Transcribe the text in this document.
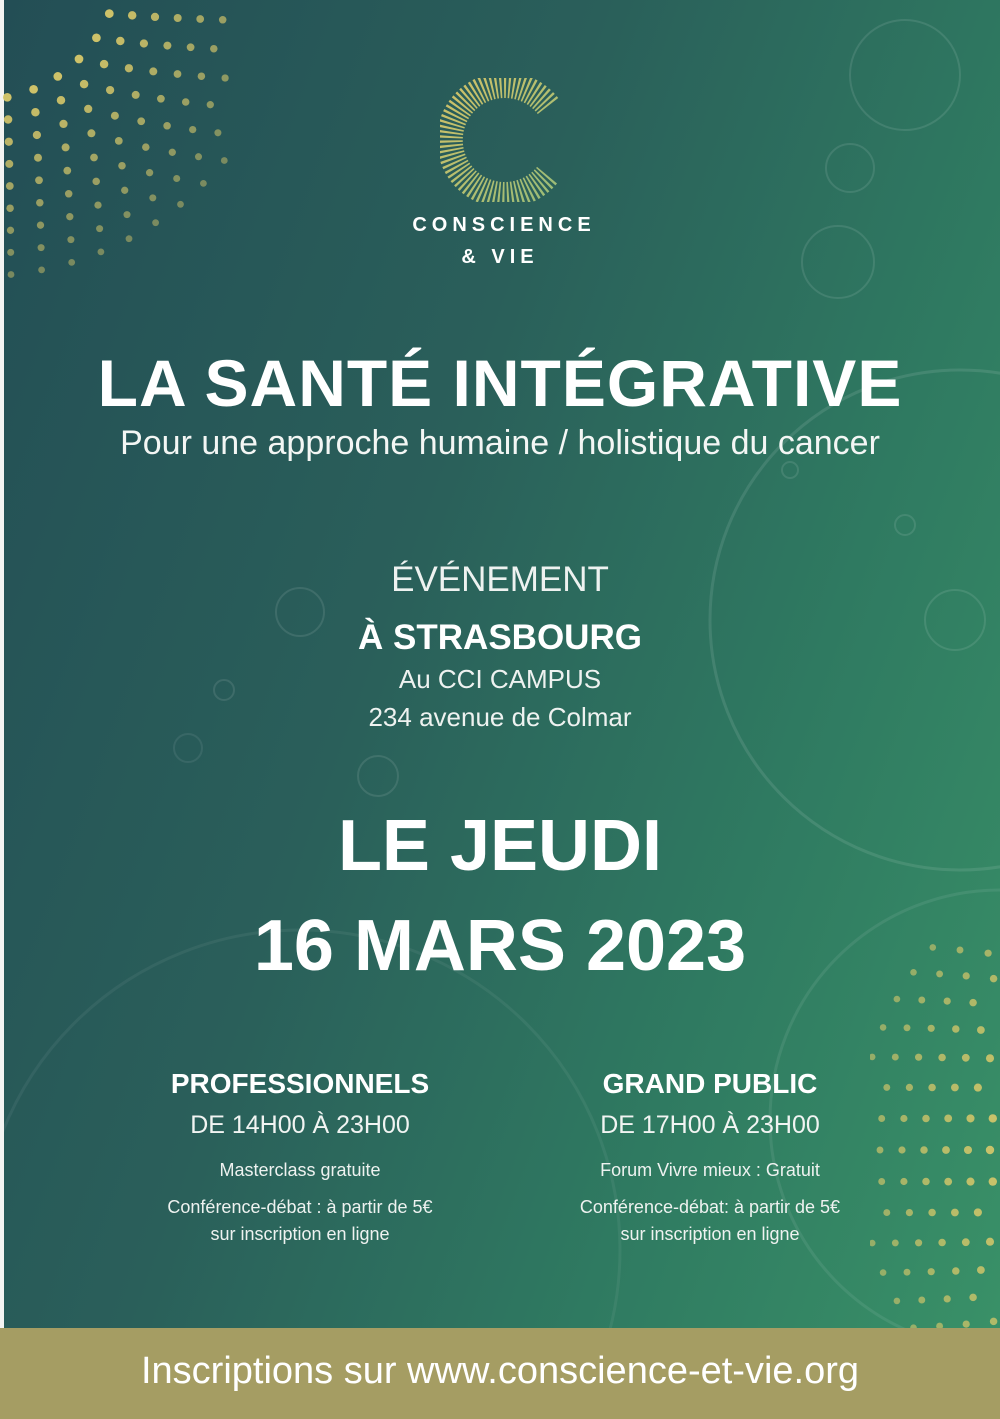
CONSCIENCE
& VIE
LA SANTÉ INTÉGRATIVE
Pour une approche humaine / holistique du cancer
ÉVÉNEMENT
À STRASBOURG
Au CCI CAMPUS
234 avenue de Colmar
LE JEUDI
16 MARS 2023
PROFESSIONNELS
DE 14H00 À 23H00
Masterclass gratuite
Conférence-débat : à partir de 5€
sur inscription en ligne
GRAND PUBLIC
DE 17H00 À 23H00
Forum Vivre mieux : Gratuit
Conférence-débat: à partir de 5€
sur inscription en ligne
Inscriptions sur www.conscience-et-vie.org
